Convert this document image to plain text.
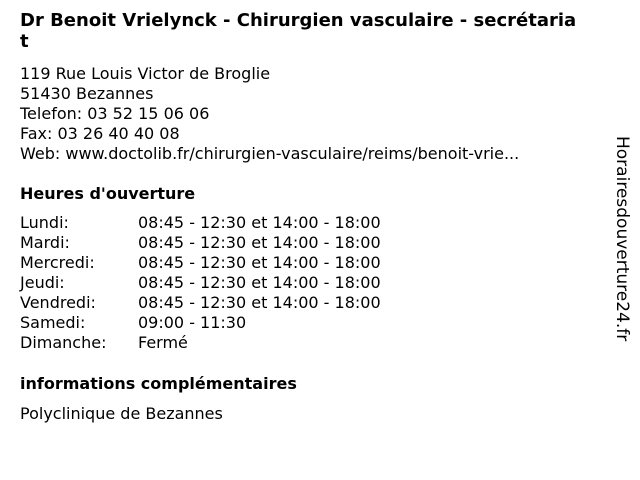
Dr Benoit Vrielynck - Chirurgien vasculaire - secrétariat
119 Rue Louis Victor de Broglie
51430 Bezannes
Telefon: 03 52 15 06 06
Fax: 03 26 40 40 08
Web: www.doctolib.fr/chirurgien-vasculaire/reims/benoit-vrie...
Heures d'ouverture
Lundi:	08:45 - 12:30 et 14:00 - 18:00
Mardi:	08:45 - 12:30 et 14:00 - 18:00
Mercredi:	08:45 - 12:30 et 14:00 - 18:00
Jeudi:	08:45 - 12:30 et 14:00 - 18:00
Vendredi:	08:45 - 12:30 et 14:00 - 18:00
Samedi:	09:00 - 11:30
Dimanche:	Fermé
informations complémentaires
Polyclinique de Bezannes
Horairesdouverture24.fr
